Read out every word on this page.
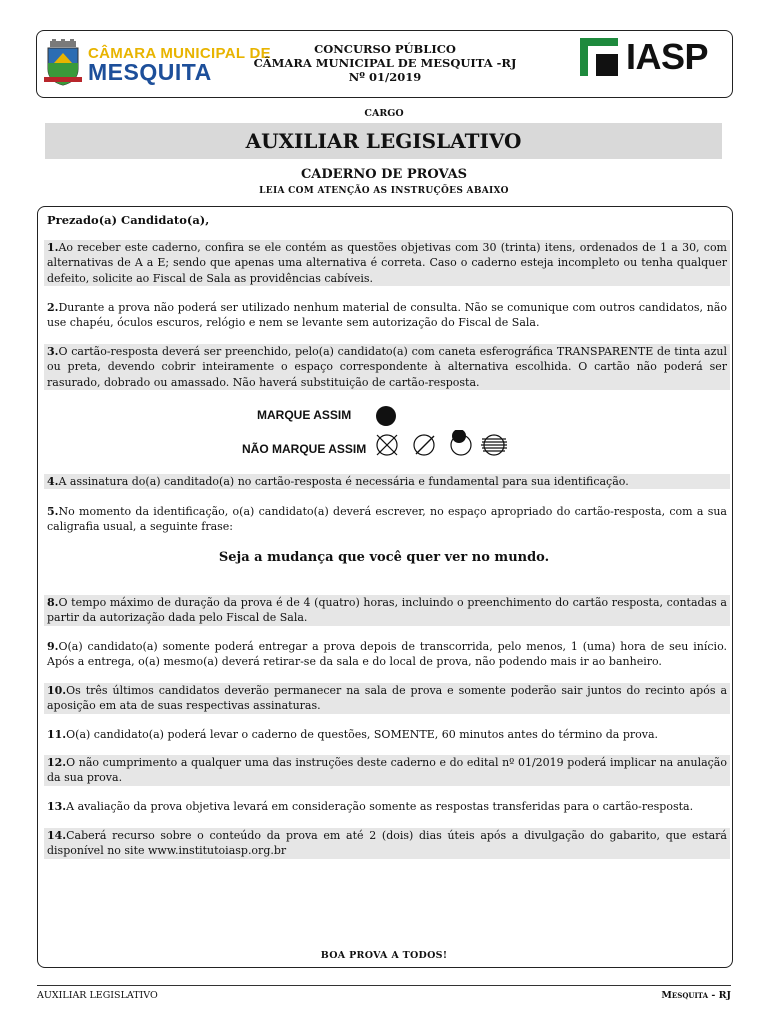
CÂMARA MUNICIPAL DE
MESQUITA
CONCURSO PÚBLICO
CÂMARA MUNICIPAL DE MESQUITA -RJ
Nº 01/2019	IASP
CARGO
AUXILIAR LEGISLATIVO
CADERNO DE PROVAS
LEIA COM ATENÇÃO AS INSTRUÇÕES ABAIXO
Prezado(a) Candidato(a),
1.Ao receber este caderno, confira se ele contém as questões objetivas com 30 (trinta) itens, ordenados de 1 a 30, com alternativas de A a E; sendo que apenas uma alternativa é correta. Caso o caderno esteja incompleto ou tenha qualquer defeito, solicite ao Fiscal de Sala as providências cabíveis.
2.Durante a prova não poderá ser utilizado nenhum material de consulta. Não se comunique com outros candidatos, não use chapéu, óculos escuros, relógio e nem se levante sem autorização do Fiscal de Sala.
3.O cartão-resposta deverá ser preenchido, pelo(a) candidato(a) com caneta esferográfica TRANSPARENTE de tinta azul ou preta, devendo cobrir inteiramente o espaço correspondente à alternativa escolhida. O cartão não poderá ser rasurado, dobrado ou amassado. Não haverá substituição de cartão-resposta.
MARQUE ASSIM
NÃO MARQUE ASSIM
4.A assinatura do(a) canditado(a) no cartão-resposta é necessária e fundamental para sua identificação.
5.No momento da identificação, o(a) candidato(a) deverá escrever, no espaço apropriado do cartão-resposta, com a sua caligrafia usual, a seguinte frase:
Seja a mudança que você quer ver no mundo.
8.O tempo máximo de duração da prova é de 4 (quatro) horas, incluindo o preenchimento do cartão resposta, contadas a partir da autorização dada pelo Fiscal de Sala.
9.O(a) candidato(a) somente poderá entregar a prova depois de transcorrida, pelo menos, 1 (uma) hora de seu início. Após a entrega, o(a) mesmo(a) deverá retirar-se da sala e do local de prova, não podendo mais ir ao banheiro.
10.Os três últimos candidatos deverão permanecer na sala de prova e somente poderão sair juntos do recinto após a aposição em ata de suas respectivas assinaturas.
11.O(a) candidato(a) poderá levar o caderno de questões, SOMENTE, 60 minutos antes do término da prova.
12.O não cumprimento a qualquer uma das instruções deste caderno e do edital nº 01/2019 poderá implicar na anulação da sua prova.
13.A avaliação da prova objetiva levará em consideração somente as respostas transferidas para o cartão-resposta.
14.Caberá recurso sobre o conteúdo da prova em até 2 (dois) dias úteis após a divulgação do gabarito, que estará disponível no site www.institutoiasp.org.br
BOA PROVA A TODOS!
AUXILIAR LEGISLATIVO	Mesquita - RJ
